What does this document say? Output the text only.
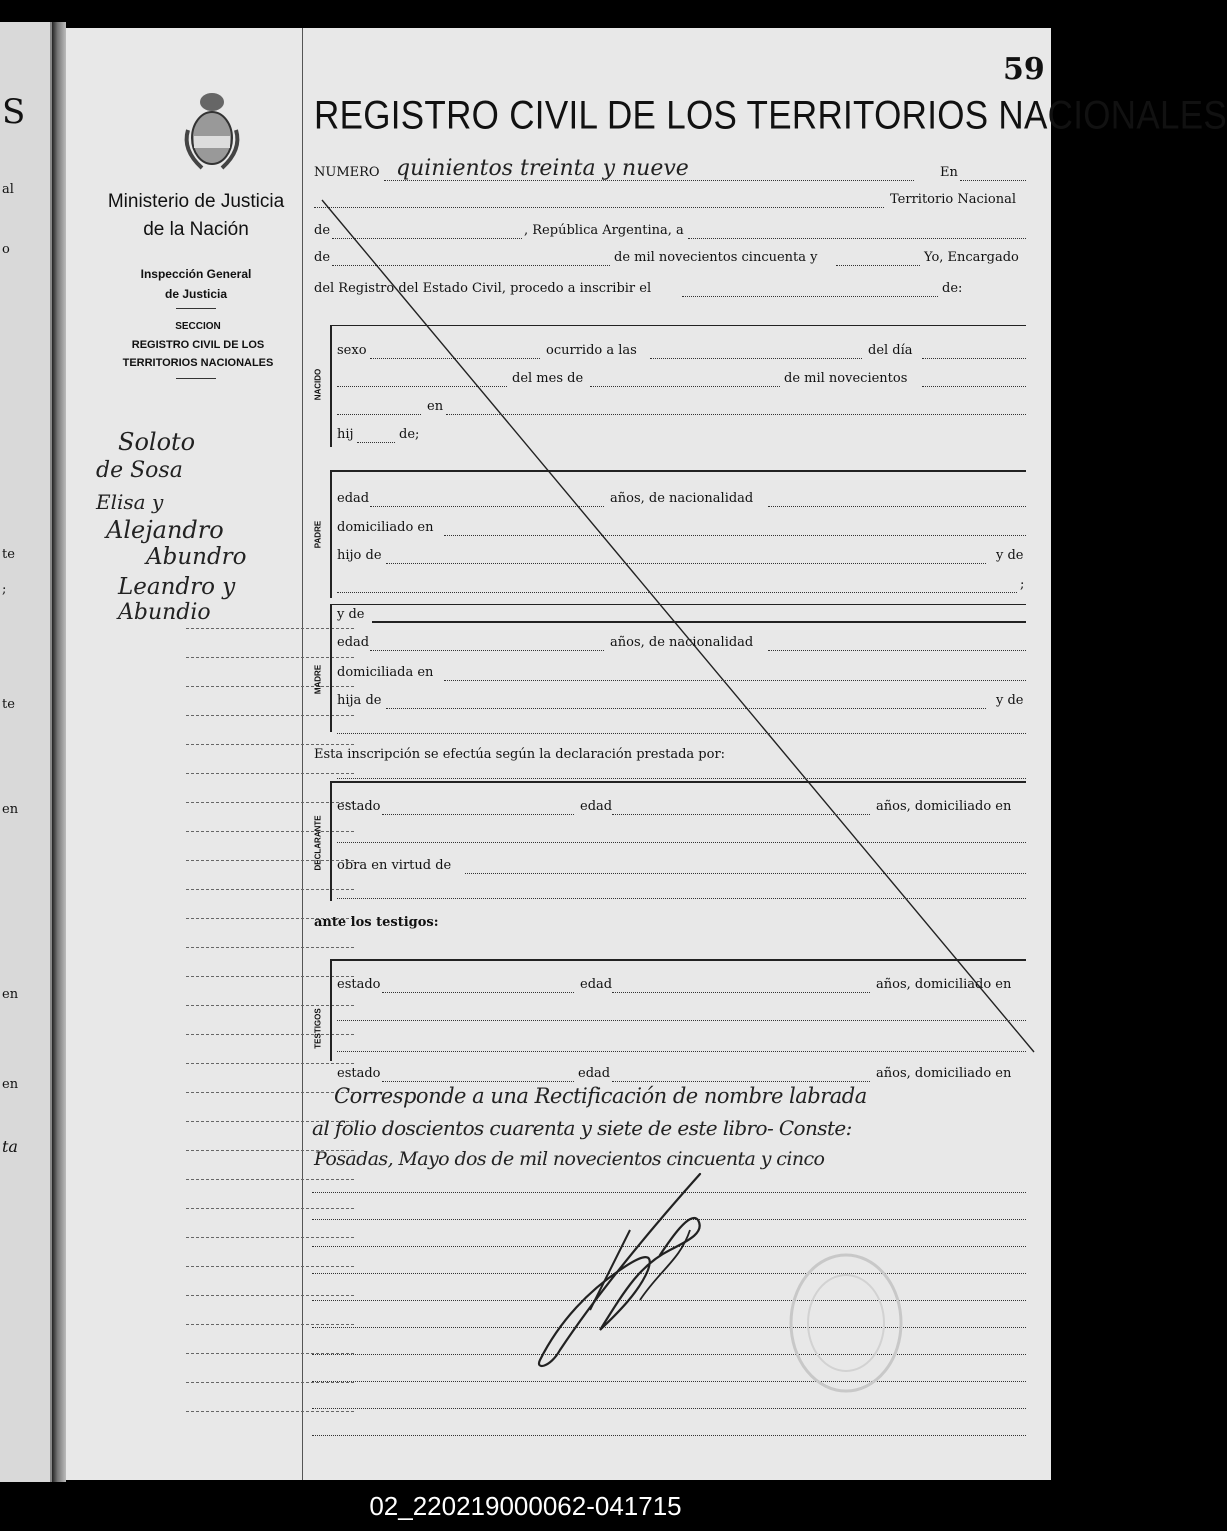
S
al
o
te
;
te
en
en
en
ta
Ministerio de Justicia
de la Nación
Inspección General
de Justicia
SECCION
REGISTRO CIVIL DE LOS
TERRITORIOS NACIONALES
Soloto
de Sosa
Elisa y
Alejandro
Abundro
Leandro y
Abundio
59
REGISTRO CIVIL DE LOS TERRITORIOS NACIONALES
NUMERO quinientos treinta y nueve	En
Territorio Nacional
de	, República Argentina, a
de	de mil novecientos cincuenta y	Yo, Encargado
del Registro del Estado Civil, procedo a inscribir el	de:
NACIDO
sexo	ocurrido a las	del día
del mes de	de mil novecientos
en
hij	de;
PADRE
edad	años, de nacionalidad
domiciliado en
hijo de	y de
;
MADRE
y de
edad	años, de nacionalidad
domiciliada en
hija de	y de
Esta inscripción se efectúa según la declaración prestada por:
DECLARANTE
estado	edad	años, domiciliado en
obra en virtud de
ante los testigos:
TESTIGOS
estado	edad	años, domiciliado en
estado	edad	años, domiciliado en
Corresponde a una Rectificación de nombre labrada
al folio doscientos cuarenta y siete de este libro- Conste:
Posadas, Mayo dos de mil novecientos cincuenta y cinco
02_220219000062-041715
